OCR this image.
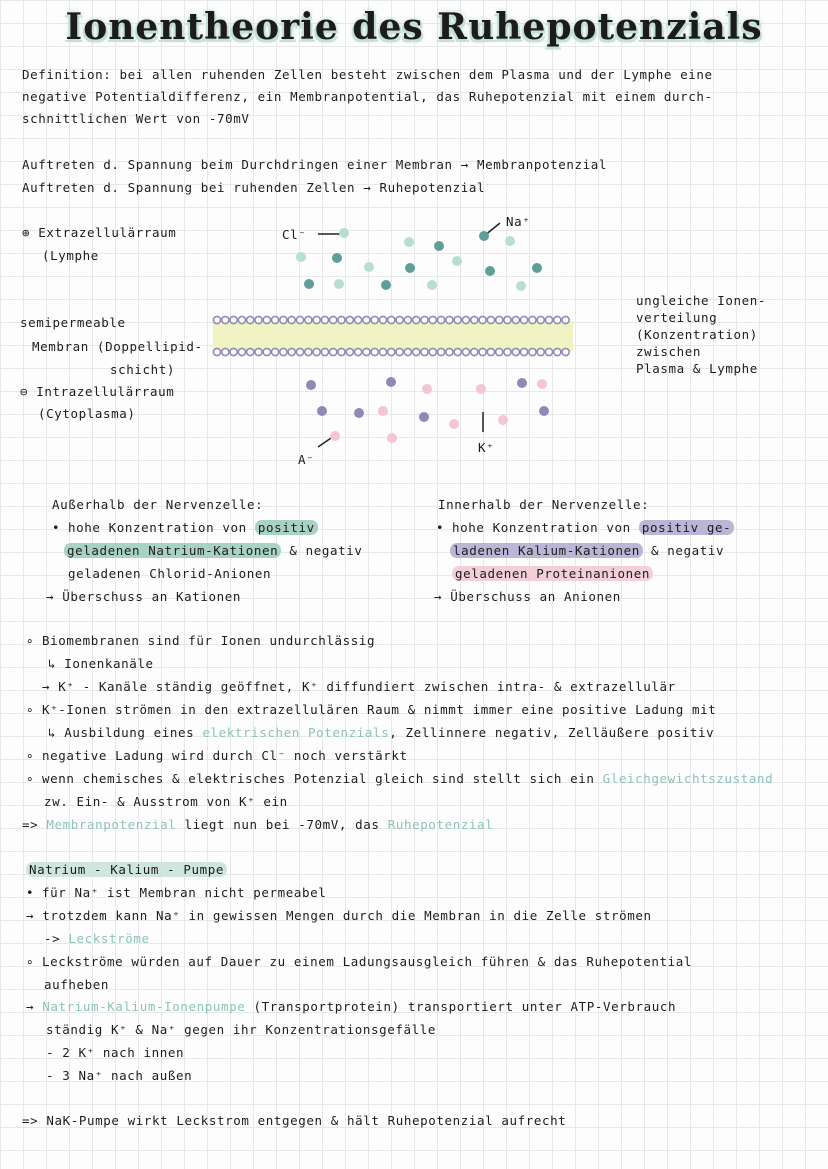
Ionentheorie des Ruhepotenzials
Definition: bei allen ruhenden Zellen besteht zwischen dem Plasma und der Lymphe eine
negative Potentialdifferenz, ein Membranpotential, das Ruhepotenzial mit einem durch-
schnittlichen Wert von -70mV
Auftreten d. Spannung beim Durchdringen einer Membran → Membranpotenzial
Auftreten d. Spannung bei ruhenden Zellen → Ruhepotenzial
⊕ Extrazellulärraum
(Lymphe
semipermeable
Membran (Doppellipid-
schicht)
⊖ Intrazellulärraum
(Cytoplasma)
Cl⁻
Na⁺
A⁻
K⁺
ungleiche Ionen-
verteilung
(Konzentration)
zwischen
Plasma & Lymphe
Außerhalb der Nervenzelle:
• hohe Konzentration von positiv
geladenen Natrium-Kationen & negativ
geladenen Chlorid-Anionen
→ Überschuss an Kationen
Innerhalb der Nervenzelle:
• hohe Konzentration von positiv ge-
ladenen Kalium-Kationen & negativ
geladenen Proteinanionen
→ Überschuss an Anionen
∘ Biomembranen sind für Ionen undurchlässig
↳ Ionenkanäle
→ K⁺ - Kanäle ständig geöffnet, K⁺ diffundiert zwischen intra- & extrazellulär
∘ K⁺-Ionen strömen in den extrazellulären Raum & nimmt immer eine positive Ladung mit
↳ Ausbildung eines elektrischen Potenzials, Zellinnere negativ, Zelläußere positiv
∘ negative Ladung wird durch Cl⁻ noch verstärkt
∘ wenn chemisches & elektrisches Potenzial gleich sind stellt sich ein Gleichgewichtszustand
zw. Ein- & Ausstrom von K⁺ ein
=> Membranpotenzial liegt nun bei -70mV, das Ruhepotenzial
Natrium - Kalium - Pumpe
• für Na⁺ ist Membran nicht permeabel
→ trotzdem kann Na⁺ in gewissen Mengen durch die Membran in die Zelle strömen
-> Leckströme
∘ Leckströme würden auf Dauer zu einem Ladungsausgleich führen & das Ruhepotential
aufheben
→ Natrium-Kalium-Ionenpumpe (Transportprotein) transportiert unter ATP-Verbrauch
ständig K⁺ & Na⁺ gegen ihr Konzentrationsgefälle
- 2 K⁺ nach innen
- 3 Na⁺ nach außen
=> NaK-Pumpe wirkt Leckstrom entgegen & hält Ruhepotenzial aufrecht
